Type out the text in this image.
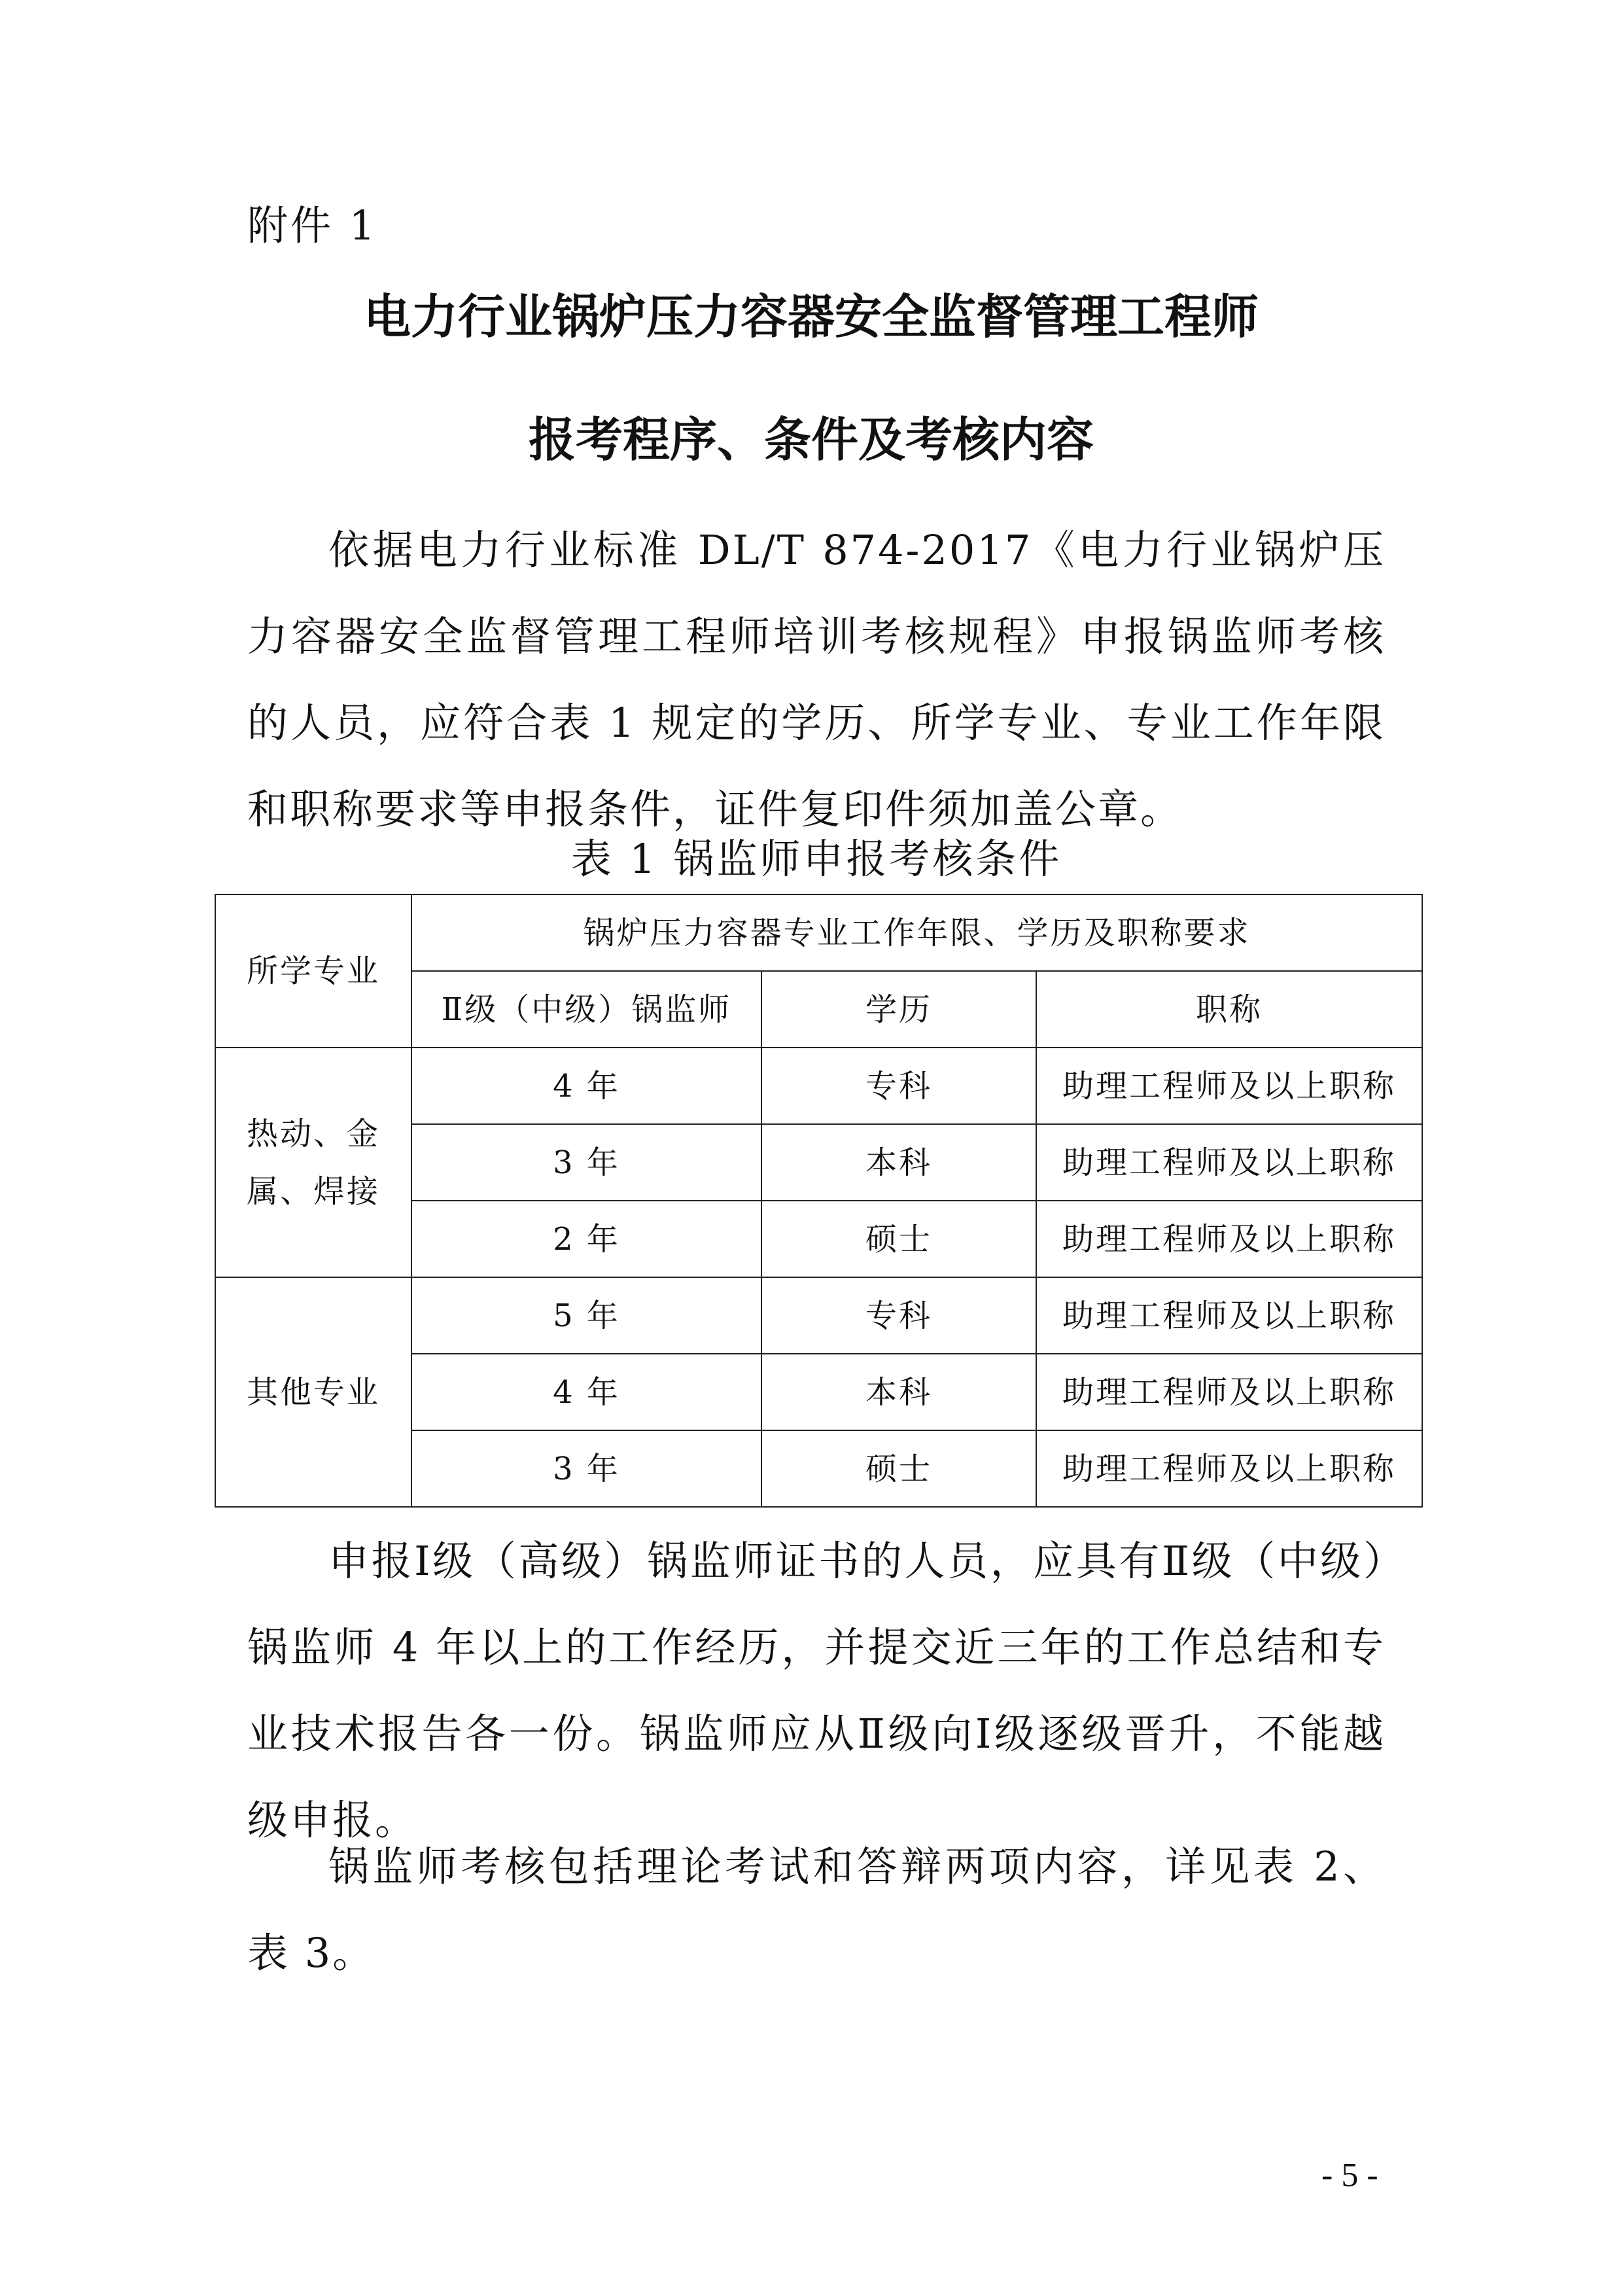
附件 1
电力行业锅炉压力容器安全监督管理工程师
报考程序、条件及考核内容

依据电力行业标准 DL/T 874-2017《电力行业锅炉压力容器安全监督管理工程师培训考核规程》申报锅监师考核的人员，应符合表 1 规定的学历、所学专业、专业工作年限和职称要求等申报条件，证件复印件须加盖公章。

表 1 锅监师申报考核条件
所学专业	锅炉压力容器专业工作年限、学历及职称要求		
	Ⅱ级（中级）锅监师	学历	职称
热动、金属、焊接	4 年	专科	助理工程师及以上职称
	3 年	本科	助理工程师及以上职称
	2 年	硕士	助理工程师及以上职称
其他专业	5 年	专科	助理工程师及以上职称
	4 年	本科	助理工程师及以上职称
	3 年	硕士	助理工程师及以上职称

申报Ⅰ级（高级）锅监师证书的人员，应具有Ⅱ级（中级）锅监师 4 年以上的工作经历，并提交近三年的工作总结和专业技术报告各一份。锅监师应从Ⅱ级向Ⅰ级逐级晋升，不能越级申报。

锅监师考核包括理论考试和答辩两项内容，详见表 2、表 3。

- 5 -
